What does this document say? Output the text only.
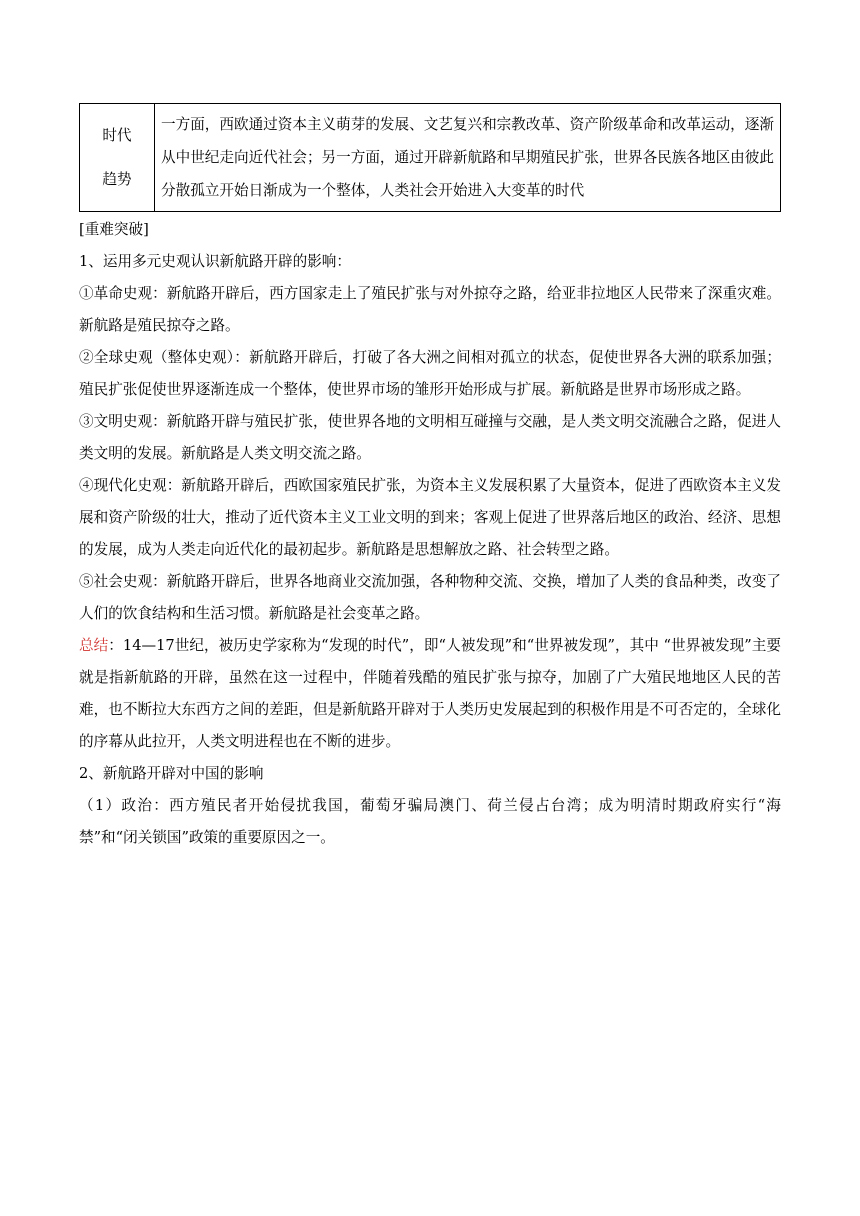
时代
趋势
	一方面，西欧通过资本主义萌芽的发展、文艺复兴和宗教改革、资产阶级革命和改革运动，逐渐从中世纪走向近代社会；另一方面，通过开辟新航路和早期殖民扩张，世界各民族各地区由彼此分散孤立开始日渐成为一个整体，人类社会开始进入大变革的时代

[重难突破]

1、运用多元史观认识新航路开辟的影响：

①革命史观：新航路开辟后，西方国家走上了殖民扩张与对外掠夺之路，给亚非拉地区人民带来了深重灾难。新航路是殖民掠夺之路。

②全球史观（整体史观）：新航路开辟后，打破了各大洲之间相对孤立的状态，促使世界各大洲的联系加强；殖民扩张促使世界逐渐连成一个整体，使世界市场的雏形开始形成与扩展。新航路是世界市场形成之路。

③文明史观：新航路开辟与殖民扩张，使世界各地的文明相互碰撞与交融，是人类文明交流融合之路，促进人类文明的发展。新航路是人类文明交流之路。

④现代化史观：新航路开辟后，西欧国家殖民扩张，为资本主义发展积累了大量资本，促进了西欧资本主义发展和资产阶级的壮大，推动了近代资本主义工业文明的到来；客观上促进了世界落后地区的政治、经济、思想的发展，成为人类走向近代化的最初起步。新航路是思想解放之路、社会转型之路。

⑤社会史观：新航路开辟后，世界各地商业交流加强，各种物种交流、交换，增加了人类的食品种类，改变了人们的饮食结构和生活习惯。新航路是社会变革之路。

总结：14—17世纪，被历史学家称为“发现的时代”，即“人被发现”和“世界被发现”，其中 “世界被发现”主要就是指新航路的开辟，虽然在这一过程中，伴随着残酷的殖民扩张与掠夺，加剧了广大殖民地地区人民的苦难，也不断拉大东西方之间的差距，但是新航路开辟对于人类历史发展起到的积极作用是不可否定的，全球化的序幕从此拉开，人类文明进程也在不断的进步。

2、新航路开辟对中国的影响

（1）政治：西方殖民者开始侵扰我国，葡萄牙骗局澳门、荷兰侵占台湾；成为明清时期政府实行“海禁”和“闭关锁国”政策的重要原因之一。
